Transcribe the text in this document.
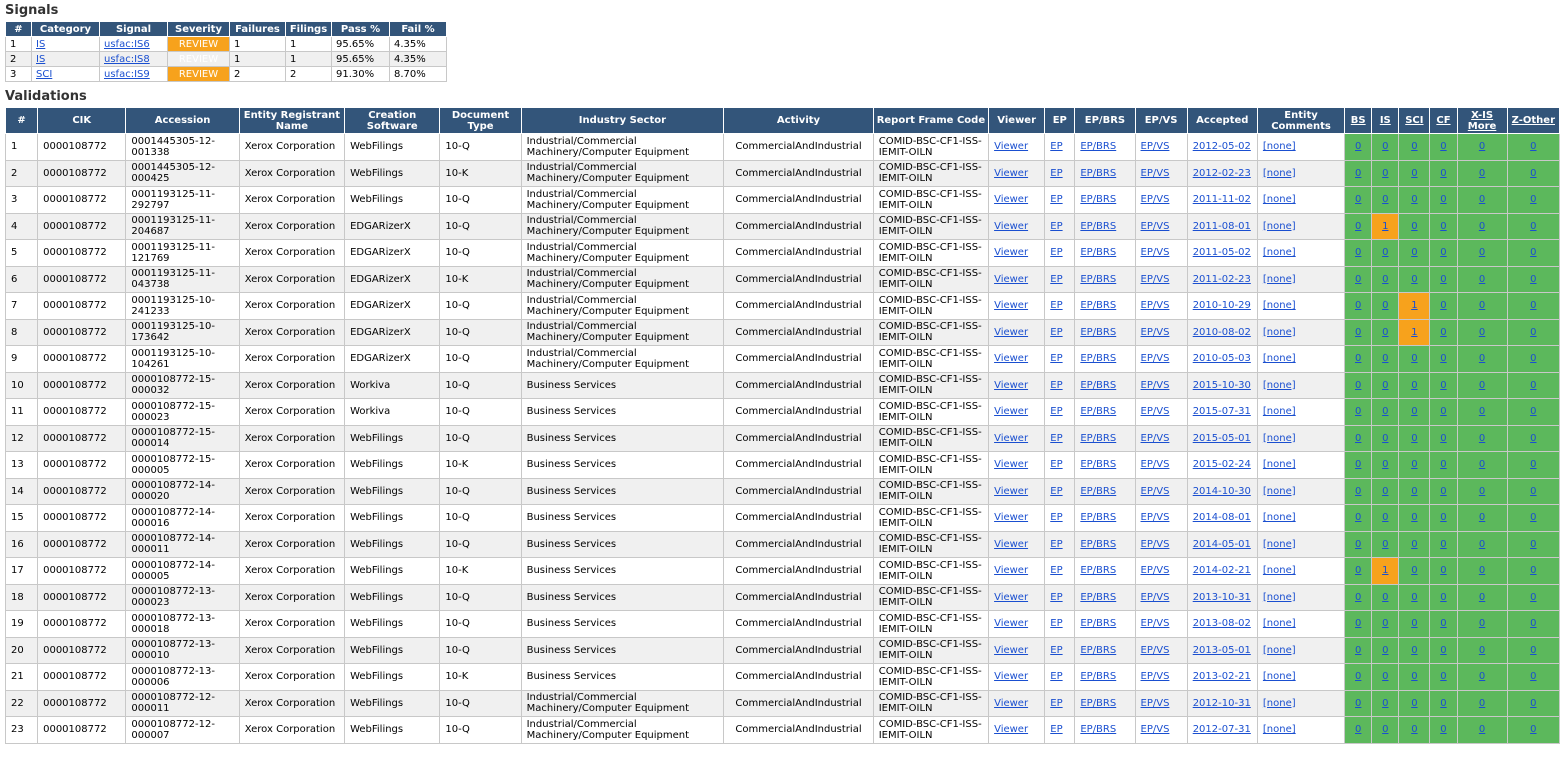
Signals
#	Category	Signal	Severity	Failures	Filings	Pass %	Fail %
1	IS	usfac:IS6	REVIEW	1	1	95.65%	4.35%
2	IS	usfac:IS8	REVIEW	1	1	95.65%	4.35%
3	SCI	usfac:IS9	REVIEW	2	2	91.30%	8.70%
Validations
#	CIK	Accession	Entity Registrant Name	Creation Software	Document Type	Industry Sector	Activity	Report Frame Code	Viewer	EP	EP/BRS	EP/VS	Accepted	Entity Comments	BS	IS	SCI	CF	X-IS More	Z-Other
1	0000108772	0001445305-12-001338	Xerox Corporation	WebFilings	10-Q	Industrial/Commercial Machinery/Computer Equipment	CommercialAndIndustrial	COMID-BSC-CF1-ISS-IEMIT-OILN	Viewer	EP	EP/BRS	EP/VS	2012-05-02	[none]	0	0	0	0	0	0
2	0000108772	0001445305-12-000425	Xerox Corporation	WebFilings	10-K	Industrial/Commercial Machinery/Computer Equipment	CommercialAndIndustrial	COMID-BSC-CF1-ISS-IEMIT-OILN	Viewer	EP	EP/BRS	EP/VS	2012-02-23	[none]	0	0	0	0	0	0
3	0000108772	0001193125-11-292797	Xerox Corporation	WebFilings	10-Q	Industrial/Commercial Machinery/Computer Equipment	CommercialAndIndustrial	COMID-BSC-CF1-ISS-IEMIT-OILN	Viewer	EP	EP/BRS	EP/VS	2011-11-02	[none]	0	0	0	0	0	0
4	0000108772	0001193125-11-204687	Xerox Corporation	EDGARizerX	10-Q	Industrial/Commercial Machinery/Computer Equipment	CommercialAndIndustrial	COMID-BSC-CF1-ISS-IEMIT-OILN	Viewer	EP	EP/BRS	EP/VS	2011-08-01	[none]	0	1	0	0	0	0
5	0000108772	0001193125-11-121769	Xerox Corporation	EDGARizerX	10-Q	Industrial/Commercial Machinery/Computer Equipment	CommercialAndIndustrial	COMID-BSC-CF1-ISS-IEMIT-OILN	Viewer	EP	EP/BRS	EP/VS	2011-05-02	[none]	0	0	0	0	0	0
6	0000108772	0001193125-11-043738	Xerox Corporation	EDGARizerX	10-K	Industrial/Commercial Machinery/Computer Equipment	CommercialAndIndustrial	COMID-BSC-CF1-ISS-IEMIT-OILN	Viewer	EP	EP/BRS	EP/VS	2011-02-23	[none]	0	0	0	0	0	0
7	0000108772	0001193125-10-241233	Xerox Corporation	EDGARizerX	10-Q	Industrial/Commercial Machinery/Computer Equipment	CommercialAndIndustrial	COMID-BSC-CF1-ISS-IEMIT-OILN	Viewer	EP	EP/BRS	EP/VS	2010-10-29	[none]	0	0	1	0	0	0
8	0000108772	0001193125-10-173642	Xerox Corporation	EDGARizerX	10-Q	Industrial/Commercial Machinery/Computer Equipment	CommercialAndIndustrial	COMID-BSC-CF1-ISS-IEMIT-OILN	Viewer	EP	EP/BRS	EP/VS	2010-08-02	[none]	0	0	1	0	0	0
9	0000108772	0001193125-10-104261	Xerox Corporation	EDGARizerX	10-Q	Industrial/Commercial Machinery/Computer Equipment	CommercialAndIndustrial	COMID-BSC-CF1-ISS-IEMIT-OILN	Viewer	EP	EP/BRS	EP/VS	2010-05-03	[none]	0	0	0	0	0	0
10	0000108772	0000108772-15-000032	Xerox Corporation	Workiva	10-Q	Business Services	CommercialAndIndustrial	COMID-BSC-CF1-ISS-IEMIT-OILN	Viewer	EP	EP/BRS	EP/VS	2015-10-30	[none]	0	0	0	0	0	0
11	0000108772	0000108772-15-000023	Xerox Corporation	Workiva	10-Q	Business Services	CommercialAndIndustrial	COMID-BSC-CF1-ISS-IEMIT-OILN	Viewer	EP	EP/BRS	EP/VS	2015-07-31	[none]	0	0	0	0	0	0
12	0000108772	0000108772-15-000014	Xerox Corporation	WebFilings	10-Q	Business Services	CommercialAndIndustrial	COMID-BSC-CF1-ISS-IEMIT-OILN	Viewer	EP	EP/BRS	EP/VS	2015-05-01	[none]	0	0	0	0	0	0
13	0000108772	0000108772-15-000005	Xerox Corporation	WebFilings	10-K	Business Services	CommercialAndIndustrial	COMID-BSC-CF1-ISS-IEMIT-OILN	Viewer	EP	EP/BRS	EP/VS	2015-02-24	[none]	0	0	0	0	0	0
14	0000108772	0000108772-14-000020	Xerox Corporation	WebFilings	10-Q	Business Services	CommercialAndIndustrial	COMID-BSC-CF1-ISS-IEMIT-OILN	Viewer	EP	EP/BRS	EP/VS	2014-10-30	[none]	0	0	0	0	0	0
15	0000108772	0000108772-14-000016	Xerox Corporation	WebFilings	10-Q	Business Services	CommercialAndIndustrial	COMID-BSC-CF1-ISS-IEMIT-OILN	Viewer	EP	EP/BRS	EP/VS	2014-08-01	[none]	0	0	0	0	0	0
16	0000108772	0000108772-14-000011	Xerox Corporation	WebFilings	10-Q	Business Services	CommercialAndIndustrial	COMID-BSC-CF1-ISS-IEMIT-OILN	Viewer	EP	EP/BRS	EP/VS	2014-05-01	[none]	0	0	0	0	0	0
17	0000108772	0000108772-14-000005	Xerox Corporation	WebFilings	10-K	Business Services	CommercialAndIndustrial	COMID-BSC-CF1-ISS-IEMIT-OILN	Viewer	EP	EP/BRS	EP/VS	2014-02-21	[none]	0	1	0	0	0	0
18	0000108772	0000108772-13-000023	Xerox Corporation	WebFilings	10-Q	Business Services	CommercialAndIndustrial	COMID-BSC-CF1-ISS-IEMIT-OILN	Viewer	EP	EP/BRS	EP/VS	2013-10-31	[none]	0	0	0	0	0	0
19	0000108772	0000108772-13-000018	Xerox Corporation	WebFilings	10-Q	Business Services	CommercialAndIndustrial	COMID-BSC-CF1-ISS-IEMIT-OILN	Viewer	EP	EP/BRS	EP/VS	2013-08-02	[none]	0	0	0	0	0	0
20	0000108772	0000108772-13-000010	Xerox Corporation	WebFilings	10-Q	Business Services	CommercialAndIndustrial	COMID-BSC-CF1-ISS-IEMIT-OILN	Viewer	EP	EP/BRS	EP/VS	2013-05-01	[none]	0	0	0	0	0	0
21	0000108772	0000108772-13-000006	Xerox Corporation	WebFilings	10-K	Business Services	CommercialAndIndustrial	COMID-BSC-CF1-ISS-IEMIT-OILN	Viewer	EP	EP/BRS	EP/VS	2013-02-21	[none]	0	0	0	0	0	0
22	0000108772	0000108772-12-000011	Xerox Corporation	WebFilings	10-Q	Industrial/Commercial Machinery/Computer Equipment	CommercialAndIndustrial	COMID-BSC-CF1-ISS-IEMIT-OILN	Viewer	EP	EP/BRS	EP/VS	2012-10-31	[none]	0	0	0	0	0	0
23	0000108772	0000108772-12-000007	Xerox Corporation	WebFilings	10-Q	Industrial/Commercial Machinery/Computer Equipment	CommercialAndIndustrial	COMID-BSC-CF1-ISS-IEMIT-OILN	Viewer	EP	EP/BRS	EP/VS	2012-07-31	[none]	0	0	0	0	0	0
